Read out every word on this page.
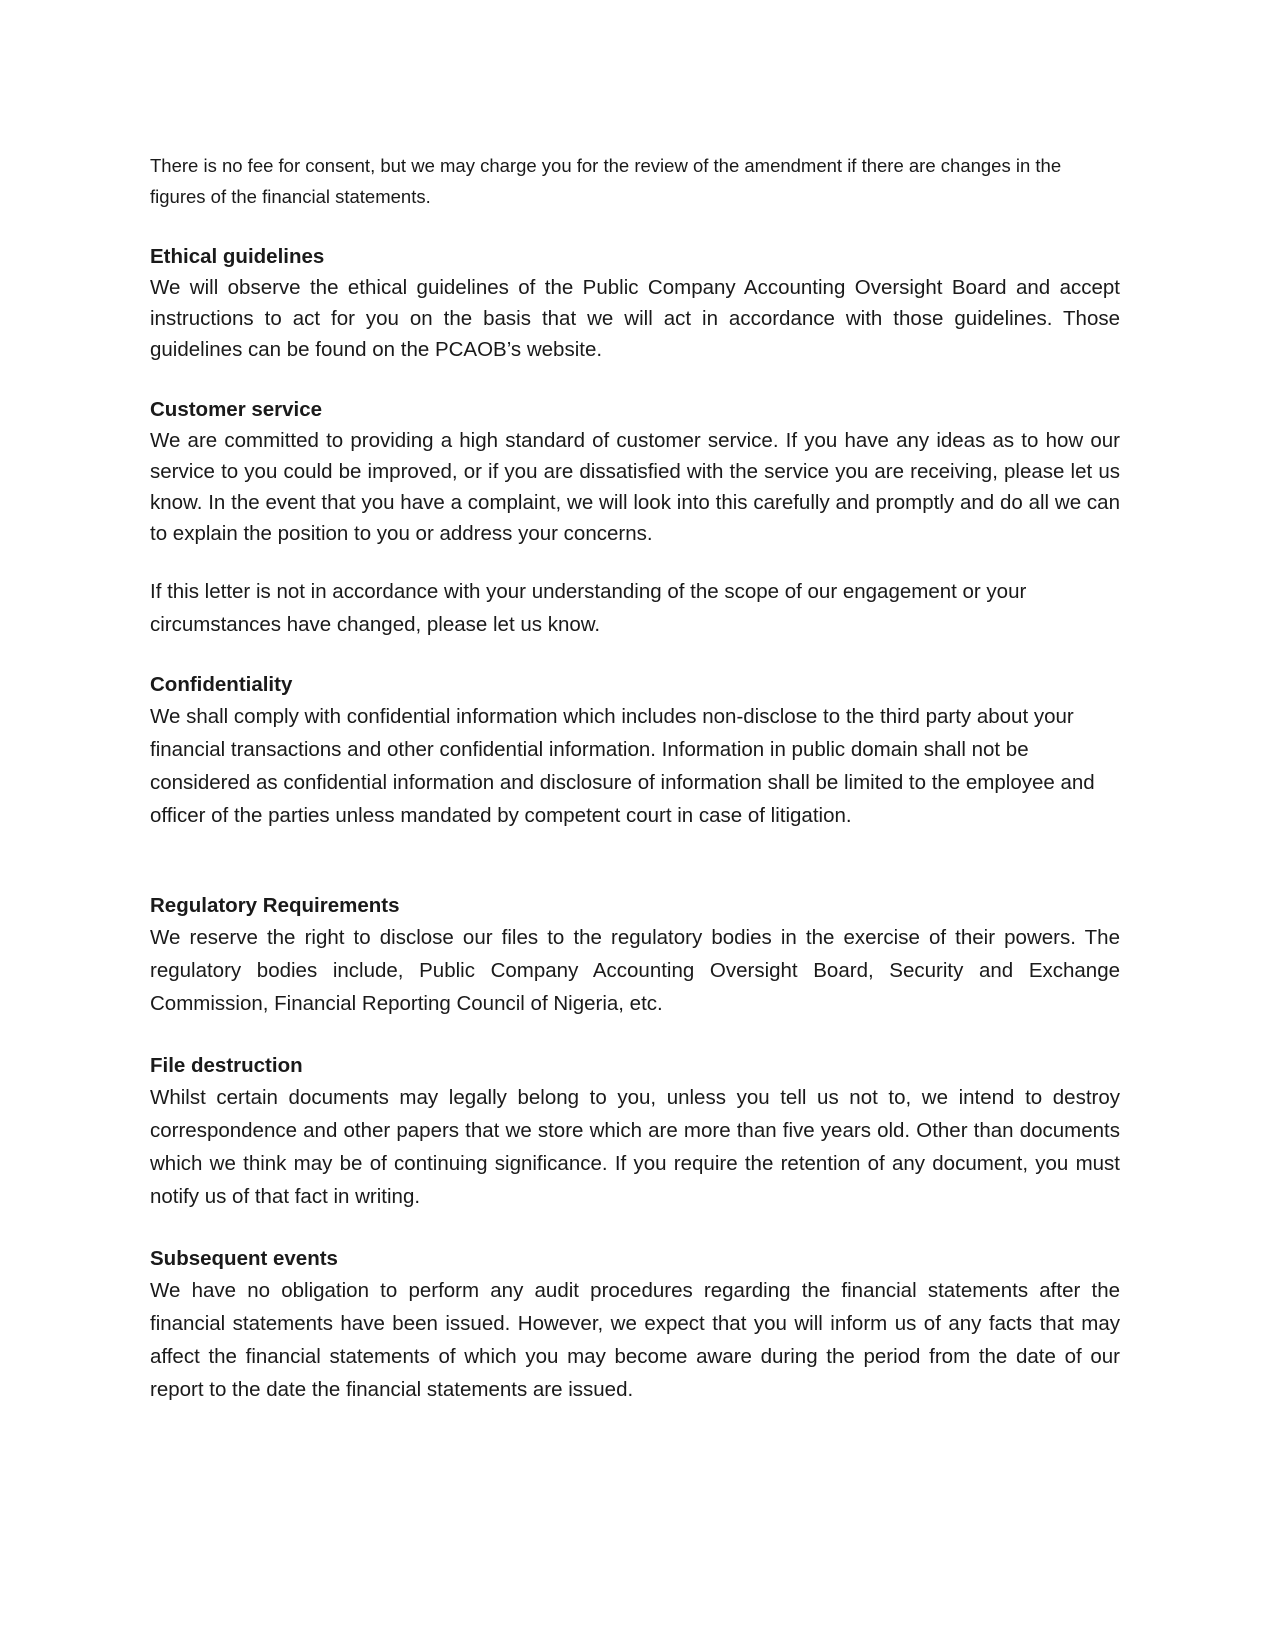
There is no fee for consent, but we may charge you for the review of the amendment if there are changes in the figures of the financial statements.

Ethical guidelines

We will observe the ethical guidelines of the Public Company Accounting Oversight Board and accept instructions to act for you on the basis that we will act in accordance with those guidelines. Those guidelines can be found on the PCAOB’s website.

Customer service

We are committed to providing a high standard of customer service. If you have any ideas as to how our service to you could be improved, or if you are dissatisfied with the service you are receiving, please let us know. In the event that you have a complaint, we will look into this carefully and promptly and do all we can to explain the position to you or address your concerns.

If this letter is not in accordance with your understanding of the scope of our engagement or your circumstances have changed, please let us know.

Confidentiality

We shall comply with confidential information which includes non-disclose to the third party about your financial transactions and other confidential information. Information in public domain shall not be considered as confidential information and disclosure of information shall be limited to the employee and officer of the parties unless mandated by competent court in case of litigation.

Regulatory Requirements

We reserve the right to disclose our files to the regulatory bodies in the exercise of their powers. The regulatory bodies include, Public Company Accounting Oversight Board, Security and Exchange Commission, Financial Reporting Council of Nigeria, etc.

File destruction

Whilst certain documents may legally belong to you, unless you tell us not to, we intend to destroy correspondence and other papers that we store which are more than five years old. Other than documents which we think may be of continuing significance. If you require the retention of any document, you must notify us of that fact in writing.

Subsequent events

We have no obligation to perform any audit procedures regarding the financial statements after the financial statements have been issued. However, we expect that you will inform us of any facts that may affect the financial statements of which you may become aware during the period from the date of our report to the date the financial statements are issued.
